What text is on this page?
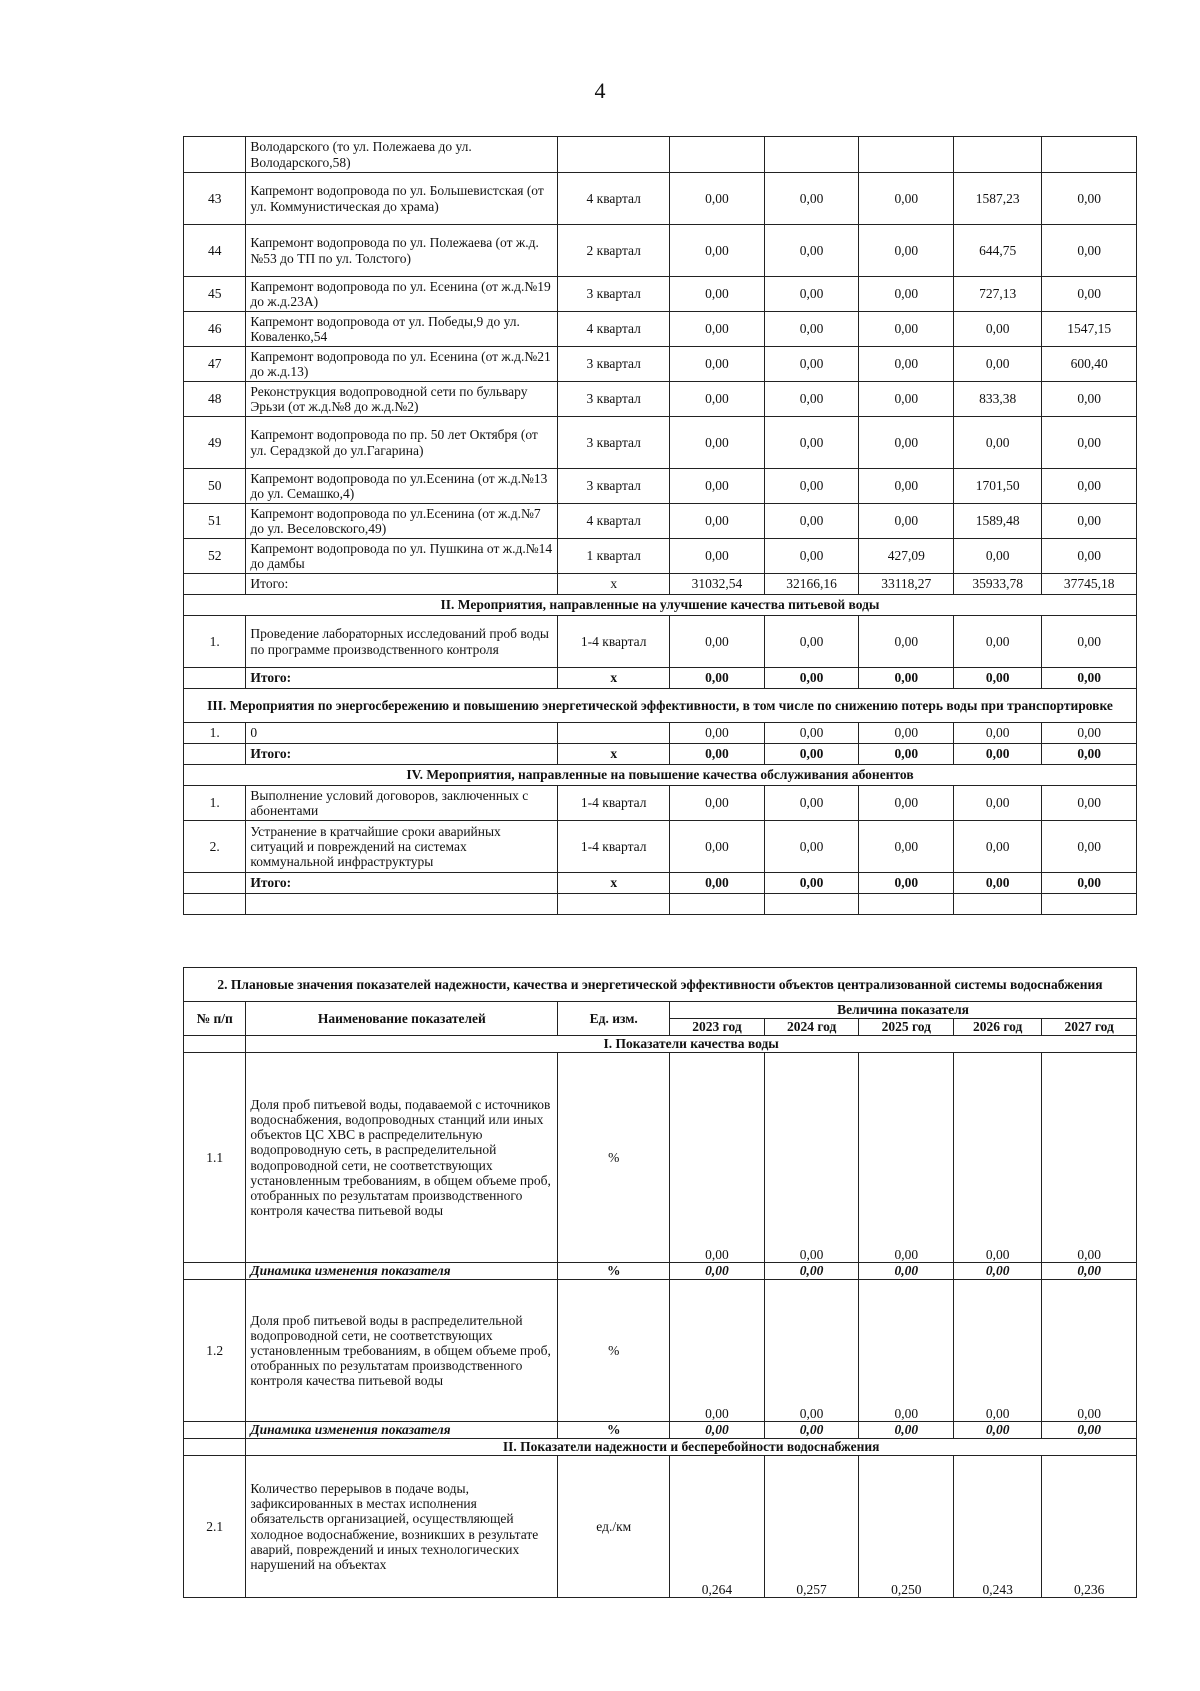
4
	Володарского (то ул. Полежаева до ул. Володарского,58)						
43	Капремонт водопровода по ул. Большевистская (от ул. Коммунистическая до храма)	4 квартал	0,00	0,00	0,00	1587,23	0,00
44	Капремонт водопровода по ул. Полежаева (от ж.д.№53 до ТП по ул. Толстого)	2 квартал	0,00	0,00	0,00	644,75	0,00
45	Капремонт водопровода по ул. Есенина (от ж.д.№19 до ж.д.23А)	3 квартал	0,00	0,00	0,00	727,13	0,00
46	Капремонт водопровода от ул. Победы,9 до ул. Коваленко,54	4 квартал	0,00	0,00	0,00	0,00	1547,15
47	Капремонт водопровода по ул. Есенина (от ж.д.№21 до ж.д.13)	3 квартал	0,00	0,00	0,00	0,00	600,40
48	Реконструкция водопроводной сети по бульвару Эрьзи (от ж.д.№8 до ж.д.№2)	3 квартал	0,00	0,00	0,00	833,38	0,00
49	Капремонт водопровода по пр. 50 лет Октября (от ул. Серадзкой до ул.Гагарина)	3 квартал	0,00	0,00	0,00	0,00	0,00
50	Капремонт водопровода по ул.Есенина (от ж.д.№13 до ул. Семашко,4)	3 квартал	0,00	0,00	0,00	1701,50	0,00
51	Капремонт водопровода по ул.Есенина (от ж.д.№7 до ул. Веселовского,49)	4 квартал	0,00	0,00	0,00	1589,48	0,00
52	Капремонт водопровода по ул. Пушкина от ж.д.№14 до дамбы	1 квартал	0,00	0,00	427,09	0,00	0,00
	Итого:	х	31032,54	32166,16	33118,27	35933,78	37745,18
II. Мероприятия, направленные на улучшение качества питьевой воды							
1.	Проведение лабораторных исследований проб воды по программе производственного контроля	1-4 квартал	0,00	0,00	0,00	0,00	0,00
	Итого:	х	0,00	0,00	0,00	0,00	0,00
III. Мероприятия по энергосбережению и повышению энергетической эффективности, в том числе по снижению потерь воды при транспортировке							
1.	0		0,00	0,00	0,00	0,00	0,00
	Итого:	х	0,00	0,00	0,00	0,00	0,00
IV. Мероприятия, направленные на повышение качества обслуживания абонентов							
1.	Выполнение условий договоров, заключенных с абонентами	1-4 квартал	0,00	0,00	0,00	0,00	0,00
2.	Устранение в кратчайшие сроки аварийных ситуаций и повреждений на системах коммунальной инфраструктуры	1-4 квартал	0,00	0,00	0,00	0,00	0,00
	Итого:	х	0,00	0,00	0,00	0,00	0,00

2. Плановые значения показателей надежности, качества и энергетической эффективности объектов централизованной системы водоснабжения							
№ п/п	Наименование показателей	Ед. изм.	Величина показателя				
			2023 год	2024 год	2025 год	2026 год	2027 год
	I. Показатели качества воды						
1.1	Доля проб питьевой воды, подаваемой с источников водоснабжения, водопроводных станций или иных объектов ЦС ХВС в распределительную водопроводную сеть, в распределительной водопроводной сети, не соответствующих установленным требованиям, в общем объеме проб, отобранных по результатам производственного контроля качества питьевой воды	%	0,00	0,00	0,00	0,00	0,00
	Динамика изменения показателя	%	0,00	0,00	0,00	0,00	0,00
1.2	Доля проб питьевой воды в распределительной водопроводной сети, не соответствующих установленным требованиям, в общем объеме проб, отобранных по результатам производственного контроля качества питьевой воды	%	0,00	0,00	0,00	0,00	0,00
	Динамика изменения показателя	%	0,00	0,00	0,00	0,00	0,00
	II. Показатели надежности и бесперебойности водоснабжения						
2.1	Количество перерывов в подаче воды, зафиксированных в местах исполнения обязательств организацией, осуществляющей холодное водоснабжение, возникших в результате аварий, повреждений и иных технологических нарушений на объектах	ед./км	0,264	0,257	0,250	0,243	0,236
